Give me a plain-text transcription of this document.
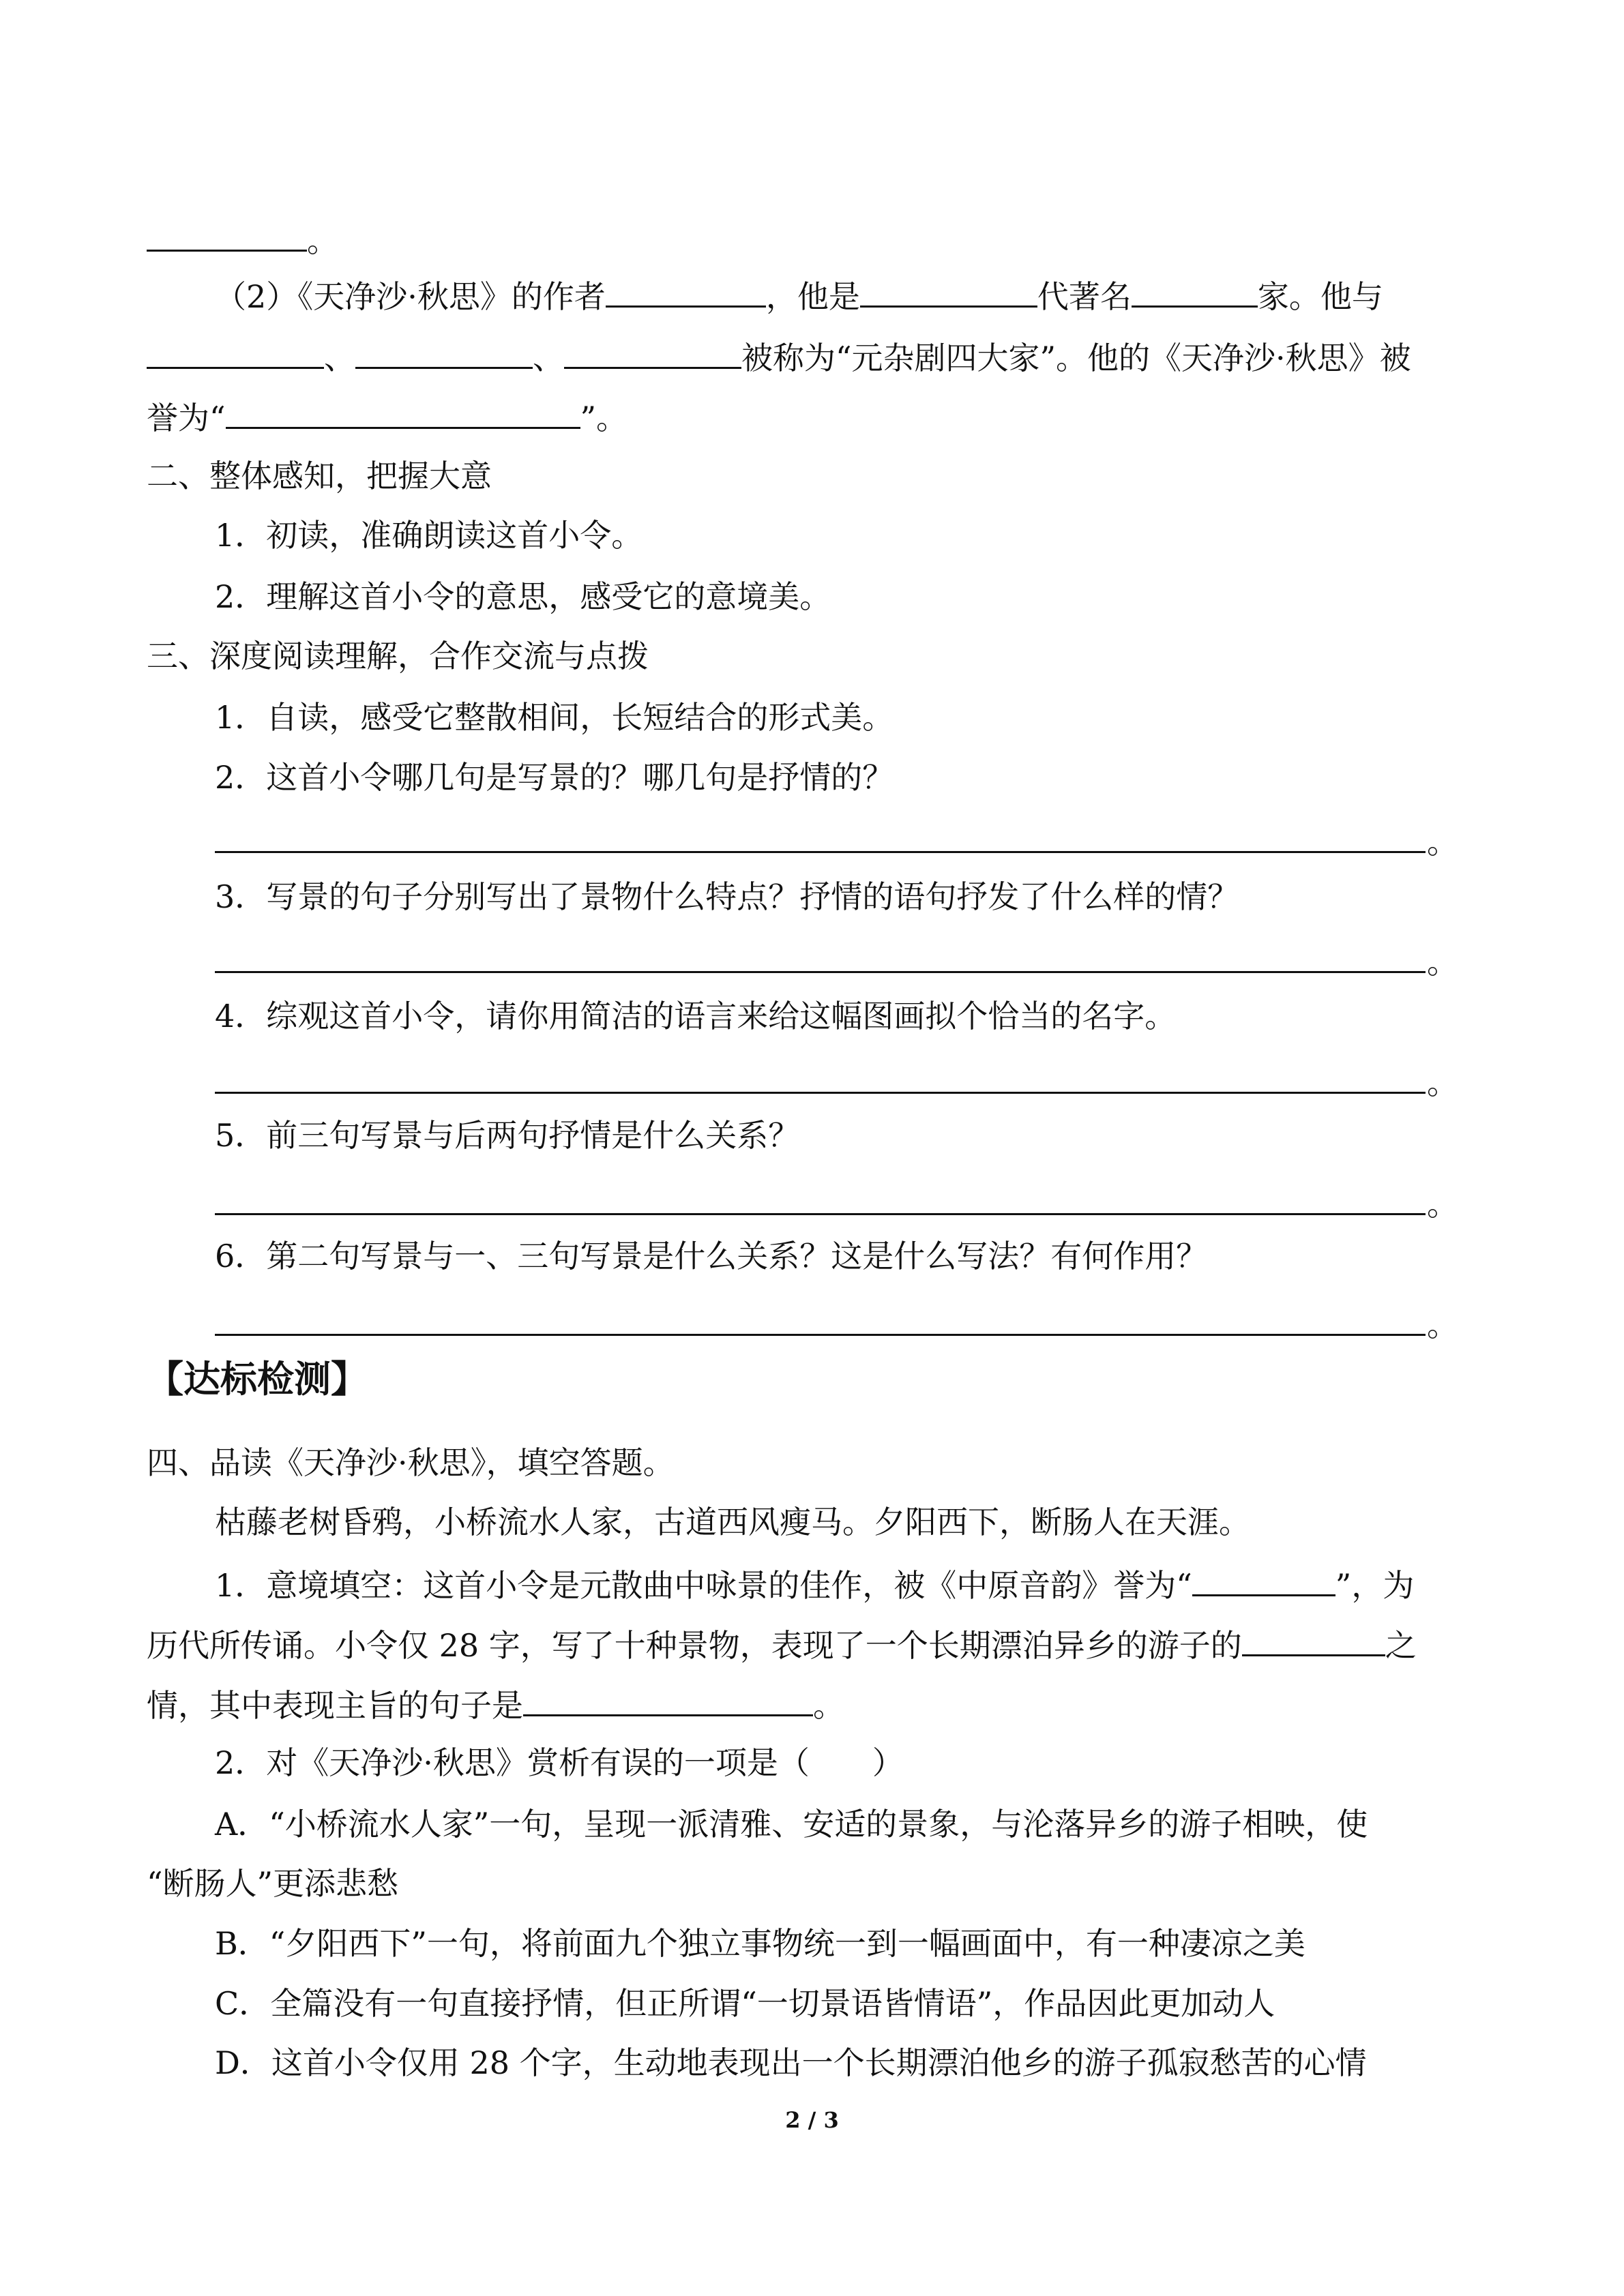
。
（2）《天净沙·秋思》的作者	，他是	代著名	家。他与
、	、	被称为“元杂剧四大家”。他的《天净沙·秋思》被
誉为“	”。
二、整体感知，把握大意
1．初读，准确朗读这首小令。
2．理解这首小令的意思，感受它的意境美。
三、深度阅读理解，合作交流与点拨
1．自读，感受它整散相间，长短结合的形式美。
2．这首小令哪几句是写景的？哪几句是抒情的？
。
3．写景的句子分别写出了景物什么特点？抒情的语句抒发了什么样的情？
。
4．综观这首小令，请你用简洁的语言来给这幅图画拟个恰当的名字。
。
5．前三句写景与后两句抒情是什么关系？
。
6．第二句写景与一、三句写景是什么关系？这是什么写法？有何作用？
。
【达标检测】
四、品读《天净沙·秋思》，填空答题。
枯藤老树昏鸦，小桥流水人家，古道西风瘦马。夕阳西下，断肠人在天涯。
1．意境填空：这首小令是元散曲中咏景的佳作，被《中原音韵》誉为“	”，为
历代所传诵。小令仅 28 字，写了十种景物，表现了一个长期漂泊异乡的游子的	之
情，其中表现主旨的句子是	。
2．对《天净沙·秋思》赏析有误的一项是（　　）
A．“小桥流水人家”一句，呈现一派清雅、安适的景象，与沦落异乡的游子相映，使
“断肠人”更添悲愁
B．“夕阳西下”一句，将前面九个独立事物统一到一幅画面中，有一种凄凉之美
C．全篇没有一句直接抒情，但正所谓“一切景语皆情语”，作品因此更加动人
D．这首小令仅用 28 个字，生动地表现出一个长期漂泊他乡的游子孤寂愁苦的心情
2 / 3
